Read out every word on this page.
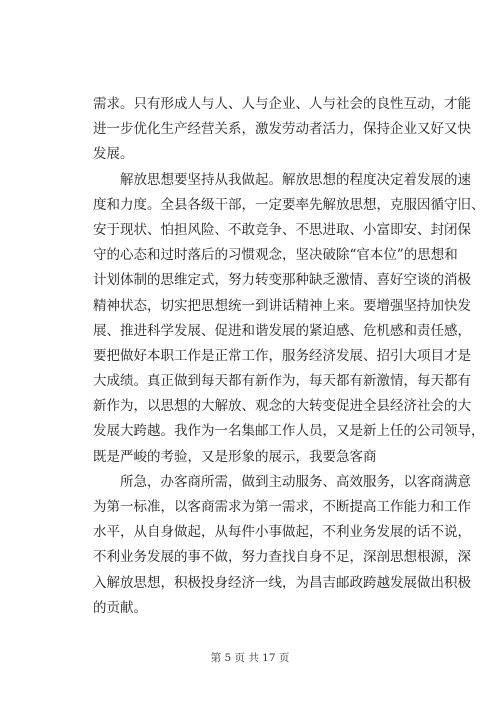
需求。只有形成人与人、人与企业、人与社会的良性互动，才能
进一步优化生产经营关系，激发劳动者活力，保持企业又好又快
发展。
解放思想要坚持从我做起。解放思想的程度决定着发展的速
度和力度。全县各级干部，一定要率先解放思想，克服因循守旧、
安于现状、怕担风险、不敢竞争、不思进取、小富即安、封闭保
守的心态和过时落后的习惯观念，坚决破除“官本位”的思想和
计划体制的思维定式，努力转变那种缺乏激情、喜好空谈的消极
精神状态，切实把思想统一到讲话精神上来。要增强坚持加快发
展、推进科学发展、促进和谐发展的紧迫感、危机感和责任感，
要把做好本职工作是正常工作，服务经济发展、招引大项目才是
大成绩。真正做到每天都有新作为，每天都有新激情，每天都有
新作为，以思想的大解放、观念的大转变促进全县经济社会的大
发展大跨越。我作为一名集邮工作人员，又是新上任的公司领导，
既是严峻的考验，又是形象的展示，我要急客商
所急，办客商所需，做到主动服务、高效服务，以客商满意
为第一标准，以客商需求为第一需求，不断提高工作能力和工作
水平，从自身做起，从每件小事做起，不利业务发展的话不说，
不利业务发展的事不做，努力查找自身不足，深剖思想根源，深
入解放思想，积极投身经济一线，为昌吉邮政跨越发展做出积极
的贡献。
第 5 页 共 17 页
